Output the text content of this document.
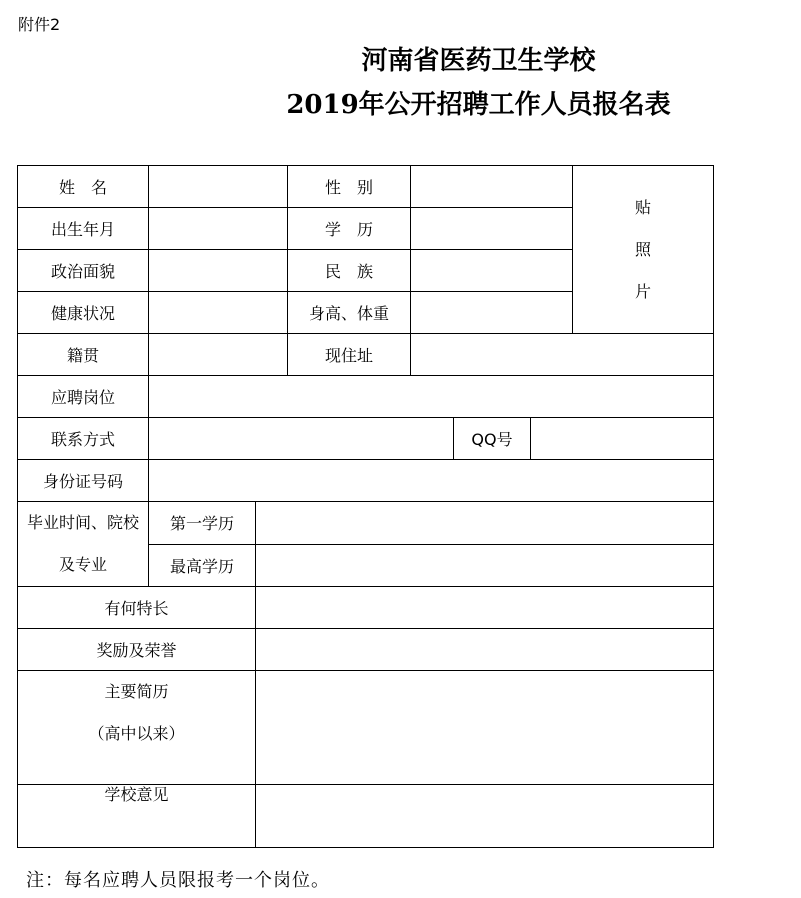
附件2
河南省医药卫生学校
2019年公开招聘工作人员报名表
姓　名			性　别				贴
照
片

出生年月			学　历				
政治面貌			民　族				
健康状况			身高、体重				
籍贯			现住址				
应聘岗位							
联系方式					QQ号		
身份证号码							

毕业时间、院校
及专业	第一学历						
	最高学历						
有何特长							
奖励及荣誉							

主要简历
（高中以来）							

学校意见							

注：每名应聘人员限报考一个岗位。
